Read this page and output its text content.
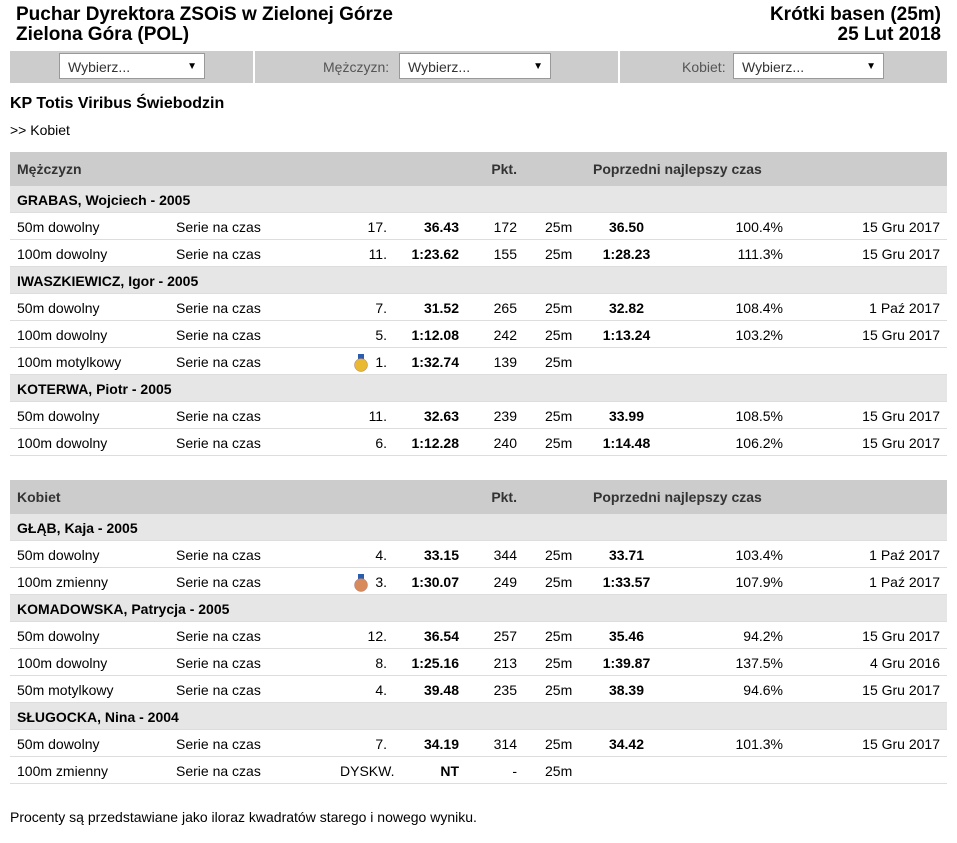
Puchar Dyrektora ZSOiS w Zielonej Górze
Zielona Góra (POL)
Krótki basen (25m)
25 Lut 2018
Wybierz...	▼	Mężczyzn:	Wybierz...	▼	Kobiet:	Wybierz...	▼
KP Totis Viribus Świebodzin
>> Kobiet
Mężczyzn	Pkt.	Poprzedni najlepszy czas
GRABAS, Wojciech - 2005
50m dowolny	Serie na czas	17.	36.43	172 25m	36.50	100.4%	15 Gru 2017
100m dowolny	Serie na czas	11.	1:23.62	155 25m	1:28.23	111.3%	15 Gru 2017
IWASZKIEWICZ, Igor - 2005
50m dowolny	Serie na czas	7.	31.52	265 25m	32.82	108.4%	1 Paź 2017
100m dowolny	Serie na czas	5.	1:12.08	242 25m	1:13.24	103.2%	15 Gru 2017
100m motylkowy	Serie na czas	1.	1:32.74	139 25m
KOTERWA, Piotr - 2005
50m dowolny	Serie na czas	11.	32.63	239 25m	33.99	108.5%	15 Gru 2017
100m dowolny	Serie na czas	6.	1:12.28	240 25m	1:14.48	106.2%	15 Gru 2017
Kobiet	Pkt.	Poprzedni najlepszy czas
GŁĄB, Kaja - 2005
50m dowolny	Serie na czas	4.	33.15	344 25m	33.71	103.4%	1 Paź 2017
100m zmienny	Serie na czas	3.	1:30.07	249 25m	1:33.57	107.9%	1 Paź 2017
KOMADOWSKA, Patrycja - 2005
50m dowolny	Serie na czas	12.	36.54	257 25m	35.46	94.2%	15 Gru 2017
100m dowolny	Serie na czas	8.	1:25.16	213 25m	1:39.87	137.5%	4 Gru 2016
50m motylkowy	Serie na czas	4.	39.48	235 25m	38.39	94.6%	15 Gru 2017
SŁUGOCKA, Nina - 2004
50m dowolny	Serie na czas	7.	34.19	314 25m	34.42	101.3%	15 Gru 2017
100m zmienny	Serie na czas	DYSKW.	NT	- 25m
Procenty są przedstawiane jako iloraz kwadratów starego i nowego wyniku.
